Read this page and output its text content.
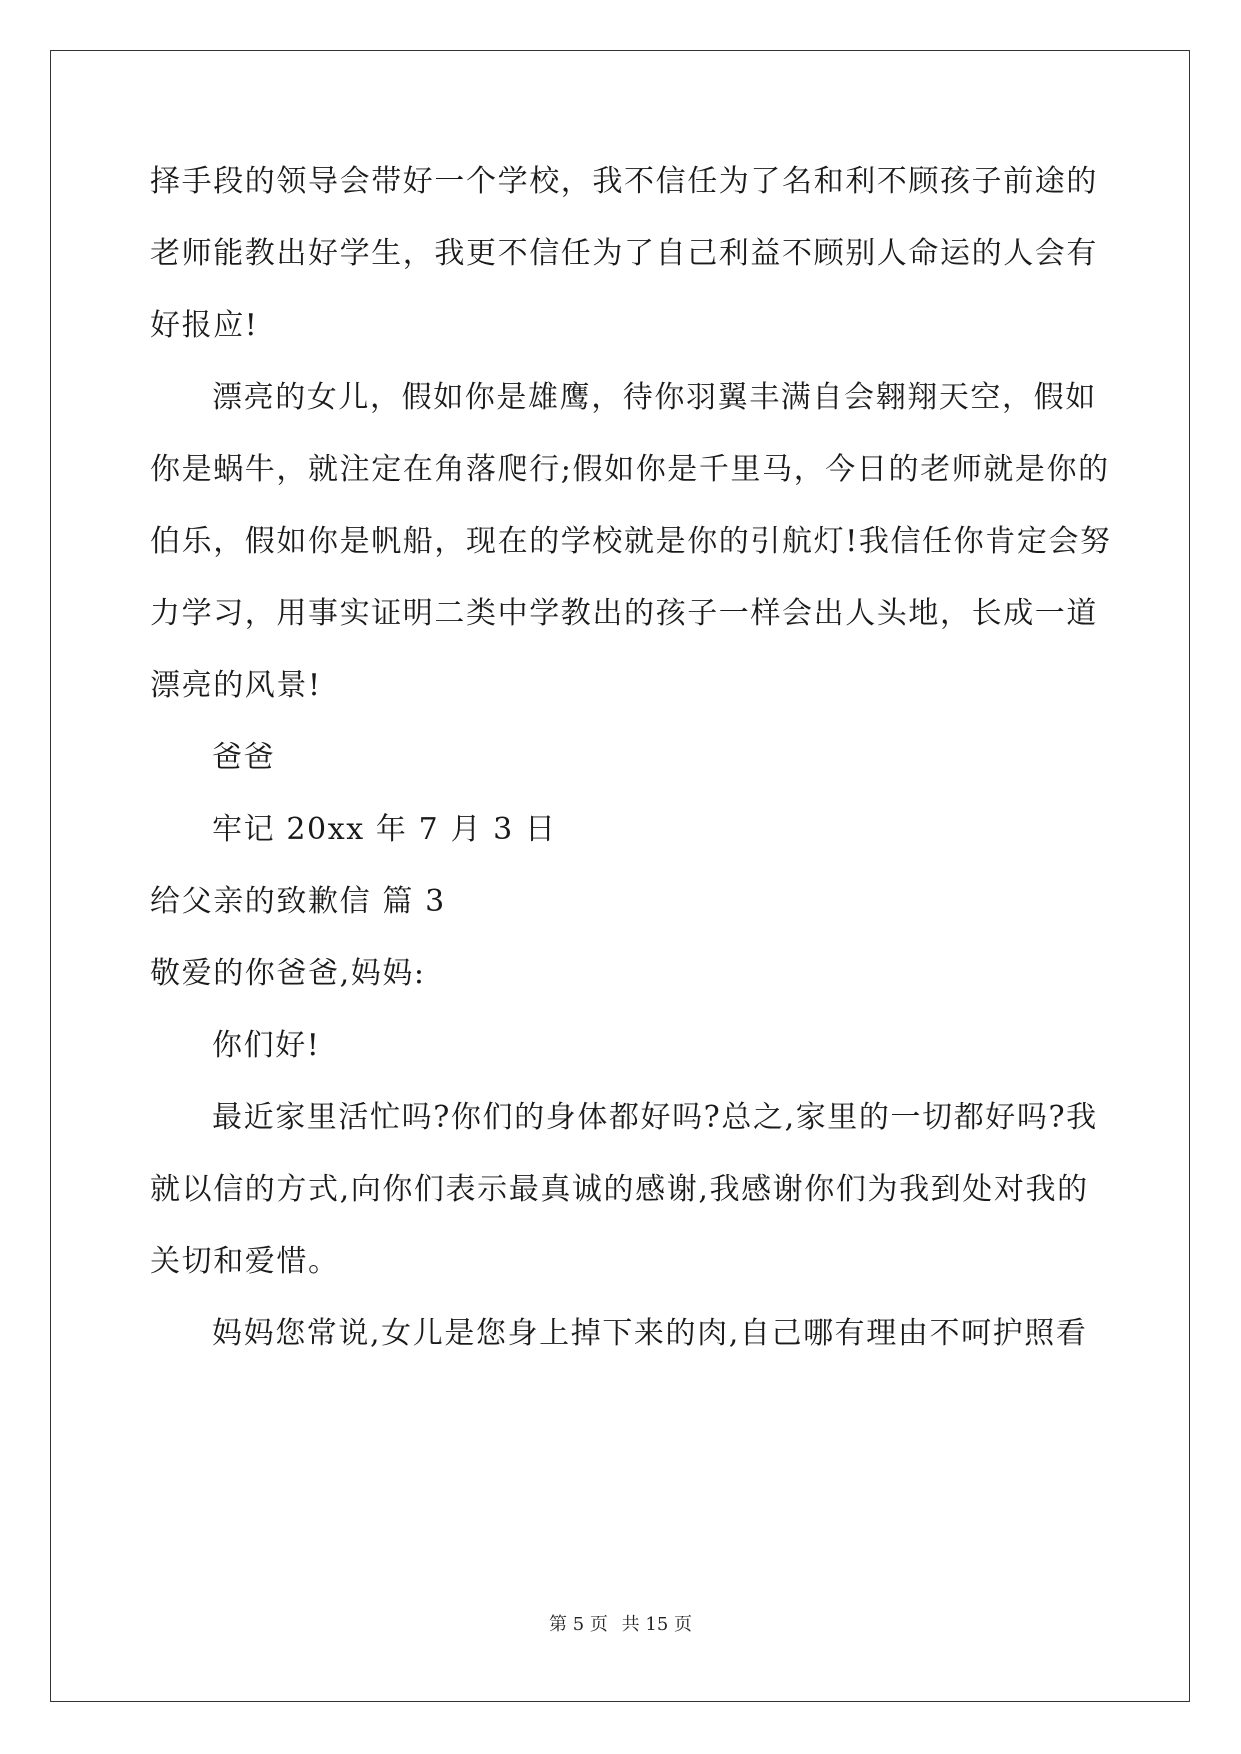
择手段的领导会带好一个学校，我不信任为了名和利不顾孩子前途的
老师能教出好学生，我更不信任为了自己利益不顾别人命运的人会有
好报应!
漂亮的女儿，假如你是雄鹰，待你羽翼丰满自会翱翔天空，假如
你是蜗牛，就注定在角落爬行;假如你是千里马，今日的老师就是你的
伯乐，假如你是帆船，现在的学校就是你的引航灯!我信任你肯定会努
力学习，用事实证明二类中学教出的孩子一样会出人头地，长成一道
漂亮的风景!
爸爸
牢记 20xx 年 7 月 3 日
给父亲的致歉信 篇 3
敬爱的你爸爸,妈妈:
你们好!
最近家里活忙吗?你们的身体都好吗?总之,家里的一切都好吗?我
就以信的方式,向你们表示最真诚的感谢,我感谢你们为我到处对我的
关切和爱惜。
妈妈您常说,女儿是您身上掉下来的肉,自己哪有理由不呵护照看
第 5 页 共 15 页
